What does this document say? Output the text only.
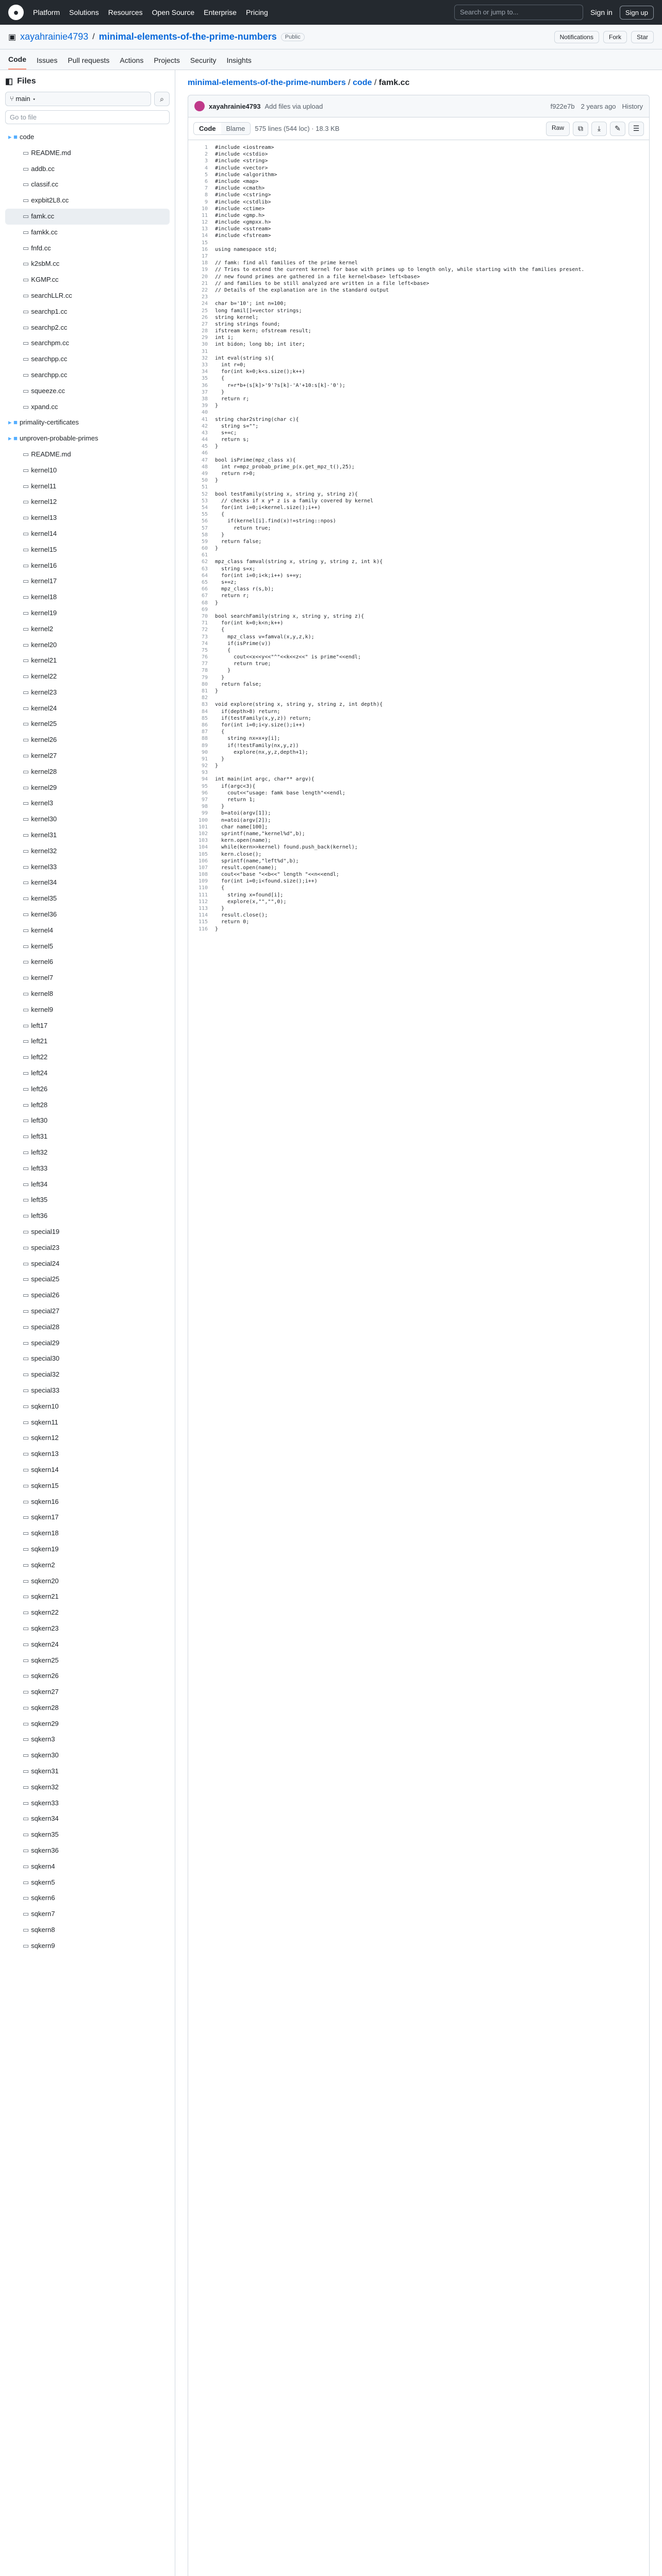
●	Platform Solutions Resources Open Source Enterprise Pricing	Search or jump to...	Sign in	Sign up
▣ xayahrainie4793 / minimal-elements-of-the-prime-numbers	Public	Notifications	Fork	Star
Code Issues Pull requests Actions Projects Security Insights
◧ Files
⑂ main ▾	⌕
Go to file
▸ ■ code
▭ README.md
▭ addb.cc
▭ classif.cc
▭ expbit2L8.cc
▭ famk.cc
▭ famkk.cc
▭ fnfd.cc
▭ k2sbM.cc
▭ KGMP.cc
▭ searchLLR.cc
▭ searchp1.cc
▭ searchp2.cc
▭ searchpm.cc
▭ searchpp.cc
▭ searchpp.cc
▭ squeeze.cc
▭ xpand.cc
▸ ■ primality-certificates
▸ ■ unproven-probable-primes
▭ README.md
▭ kernel10
▭ kernel11
▭ kernel12
▭ kernel13
▭ kernel14
▭ kernel15
▭ kernel16
▭ kernel17
▭ kernel18
▭ kernel19
▭ kernel2
▭ kernel20
▭ kernel21
▭ kernel22
▭ kernel23
▭ kernel24
▭ kernel25
▭ kernel26
▭ kernel27
▭ kernel28
▭ kernel29
▭ kernel3
▭ kernel30
▭ kernel31
▭ kernel32
▭ kernel33
▭ kernel34
▭ kernel35
▭ kernel36
▭ kernel4
▭ kernel5
▭ kernel6
▭ kernel7
▭ kernel8
▭ kernel9
▭ left17
▭ left21
▭ left22
▭ left24
▭ left26
▭ left28
▭ left30
▭ left31
▭ left32
▭ left33
▭ left34
▭ left35
▭ left36
▭ special19
▭ special23
▭ special24
▭ special25
▭ special26
▭ special27
▭ special28
▭ special29
▭ special30
▭ special32
▭ special33
▭ sqkern10
▭ sqkern11
▭ sqkern12
▭ sqkern13
▭ sqkern14
▭ sqkern15
▭ sqkern16
▭ sqkern17
▭ sqkern18
▭ sqkern19
▭ sqkern2
▭ sqkern20
▭ sqkern21
▭ sqkern22
▭ sqkern23
▭ sqkern24
▭ sqkern25
▭ sqkern26
▭ sqkern27
▭ sqkern28
▭ sqkern29
▭ sqkern3
▭ sqkern30
▭ sqkern31
▭ sqkern32
▭ sqkern33
▭ sqkern34
▭ sqkern35
▭ sqkern36
▭ sqkern4
▭ sqkern5
▭ sqkern6
▭ sqkern7
▭ sqkern8
▭ sqkern9
minimal-elements-of-the-prime-numbers / code / famk.cc
xayahrainie4793 Add files via upload	f922e7b 2 years ago History
Code	Blame	575 lines (544 loc) · 18.3 KB	Raw	⧉	⤓	✎	☰
1	#include <iostream>
2	#include <cstdio>
3	#include <string>
4	#include <vector>
5	#include <algorithm>
6	#include <map>
7	#include <cmath>
8	#include <cstring>
9	#include <cstdlib>
10	#include <ctime>
11	#include <gmp.h>
12	#include <gmpxx.h>
13	#include <sstream>
14	#include <fstream>
15
16	using namespace std;
17
18	// famk: find all families of the prime kernel
19	// Tries to extend the current kernel for base with primes up to length only, while starting with the families present.
20	// new found primes are gathered in a file kernel<base> left<base>
21	// and families to be still analyzed are written in a file left<base>
22	// Details of the explanation are in the standard output
23
24	char b='10'; int n=100;
25	long famil[]=vector strings;
26	string kernel;
27	string strings found;
28	ifstream kern; ofstream result;
29	int i;
30	int bidon; long bb; int iter;
31
32	int eval(string s){
33	int r=0;
34	for(int k=0;k<s.size();k++)
35	{
36	r=r*b+(s[k]>'9'?s[k]-'A'+10:s[k]-'0');
37	}
38	return r;
39	}
40
41	string char2string(char c){
42	string s="";
43	s+=c;
44	return s;
45	}
46
47	bool isPrime(mpz_class x){
48	int r=mpz_probab_prime_p(x.get_mpz_t(),25);
49	return r>0;
50	}
51
52	bool testFamily(string x, string y, string z){
53	// checks if x y* z is a family covered by kernel
54	for(int i=0;i<kernel.size();i++)
55	{
56	if(kernel[i].find(x)!=string::npos)
57	return true;
58	}
59	return false;
60	}
61
62	mpz_class famval(string x, string y, string z, int k){
63	string s=x;
64	for(int i=0;i<k;i++) s+=y;
65	s+=z;
66	mpz_class r(s,b);
67	return r;
68	}
69
70	bool searchFamily(string x, string y, string z){
71	for(int k=0;k<n;k++)
72	{
73	mpz_class v=famval(x,y,z,k);
74	if(isPrime(v))
75	{
76	cout<<x<<y<<"^"<<k<<z<<" is prime"<<endl;
77	return true;
78	}
79	}
80	return false;
81	}
82
83	void explore(string x, string y, string z, int depth){
84	if(depth>8) return;
85	if(testFamily(x,y,z)) return;
86	for(int i=0;i<y.size();i++)
87	{
88	string nx=x+y[i];
89	if(!testFamily(nx,y,z))
90	explore(nx,y,z,depth+1);
91	}
92	}
93
94	int main(int argc, char** argv){
95	if(argc<3){
96	cout<<"usage: famk base length"<<endl;
97	return 1;
98	}
99	b=atoi(argv[1]);
100	n=atoi(argv[2]);
101	char name[100];
102	sprintf(name,"kernel%d",b);
103	kern.open(name);
104	while(kern>>kernel) found.push_back(kernel);
105	kern.close();
106	sprintf(name,"left%d",b);
107	result.open(name);
108	cout<<"base "<<b<<" length "<<n<<endl;
109	for(int i=0;i<found.size();i++)
110	{
111	string x=found[i];
112	explore(x,"","",0);
113	}
114	result.close();
115	return 0;
116	}
